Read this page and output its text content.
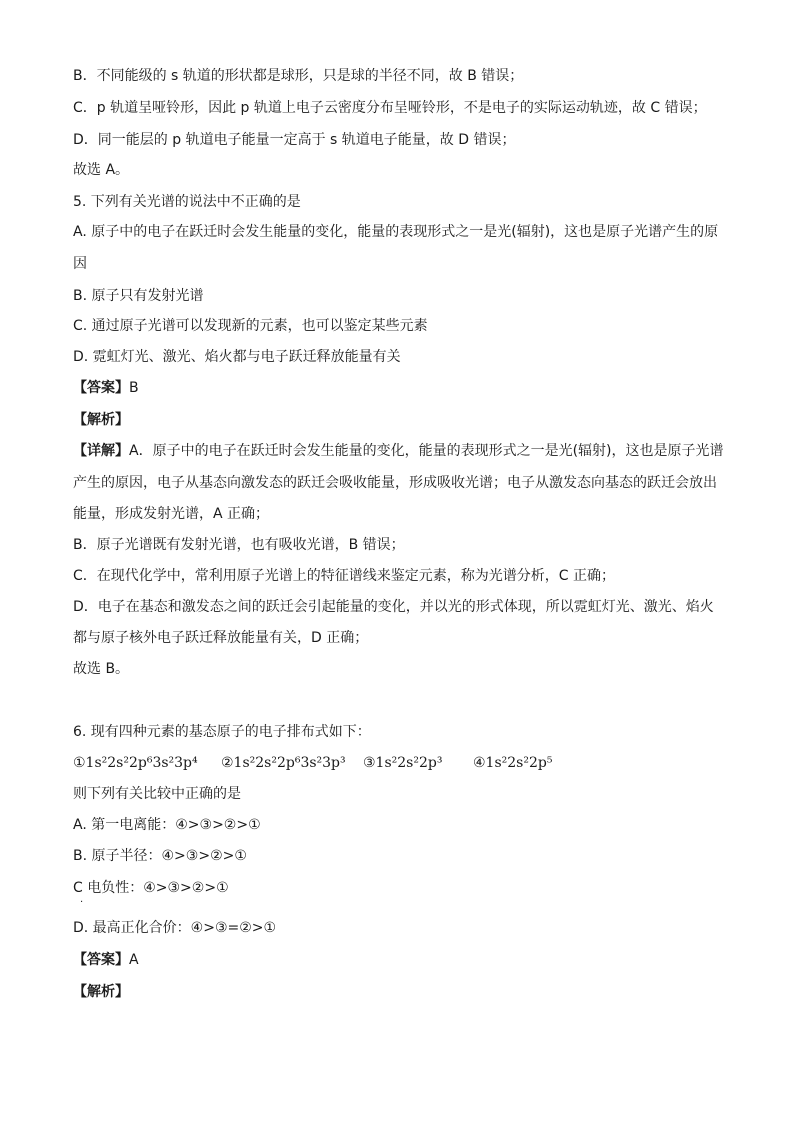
B．不同能级的 s 轨道的形状都是球形，只是球的半径不同，故 B 错误；
C．p 轨道呈哑铃形，因此 p 轨道上电子云密度分布呈哑铃形，不是电子的实际运动轨迹，故 C 错误；
D．同一能层的 p 轨道电子能量一定高于 s 轨道电子能量，故 D 错误；
故选 A。
5. 下列有关光谱的说法中不正确的是
A. 原子中的电子在跃迁时会发生能量的变化，能量的表现形式之一是光(辐射)，这也是原子光谱产生的原
因
B. 原子只有发射光谱
C. 通过原子光谱可以发现新的元素，也可以鉴定某些元素
D. 霓虹灯光、激光、焰火都与电子跃迁释放能量有关
【答案】B
【解析】
【详解】A．原子中的电子在跃迁时会发生能量的变化，能量的表现形式之一是光(辐射)，这也是原子光谱
产生的原因，电子从基态向激发态的跃迁会吸收能量，形成吸收光谱；电子从激发态向基态的跃迁会放出
能量，形成发射光谱，A 正确；
B．原子光谱既有发射光谱，也有吸收光谱，B 错误；
C．在现代化学中，常利用原子光谱上的特征谱线来鉴定元素，称为光谱分析，C 正确；
D．电子在基态和激发态之间的跃迁会引起能量的变化，并以光的形式体现，所以霓虹灯光、激光、焰火
都与原子核外电子跃迁释放能量有关，D 正确；
故选 B。
6. 现有四种元素的基态原子的电子排布式如下：
①1s²2s²2p⁶3s²3p⁴ ②1s²2s²2p⁶3s²3p³ ③1s²2s²2p³ ④1s²2s²2p⁵
则下列有关比较中正确的是
A. 第一电离能：④>③>②>①
B. 原子半径：④>③>②>①
C 电负性：④>③>②>①
·
D. 最高正化合价：④>③=②>①
【答案】A
【解析】
